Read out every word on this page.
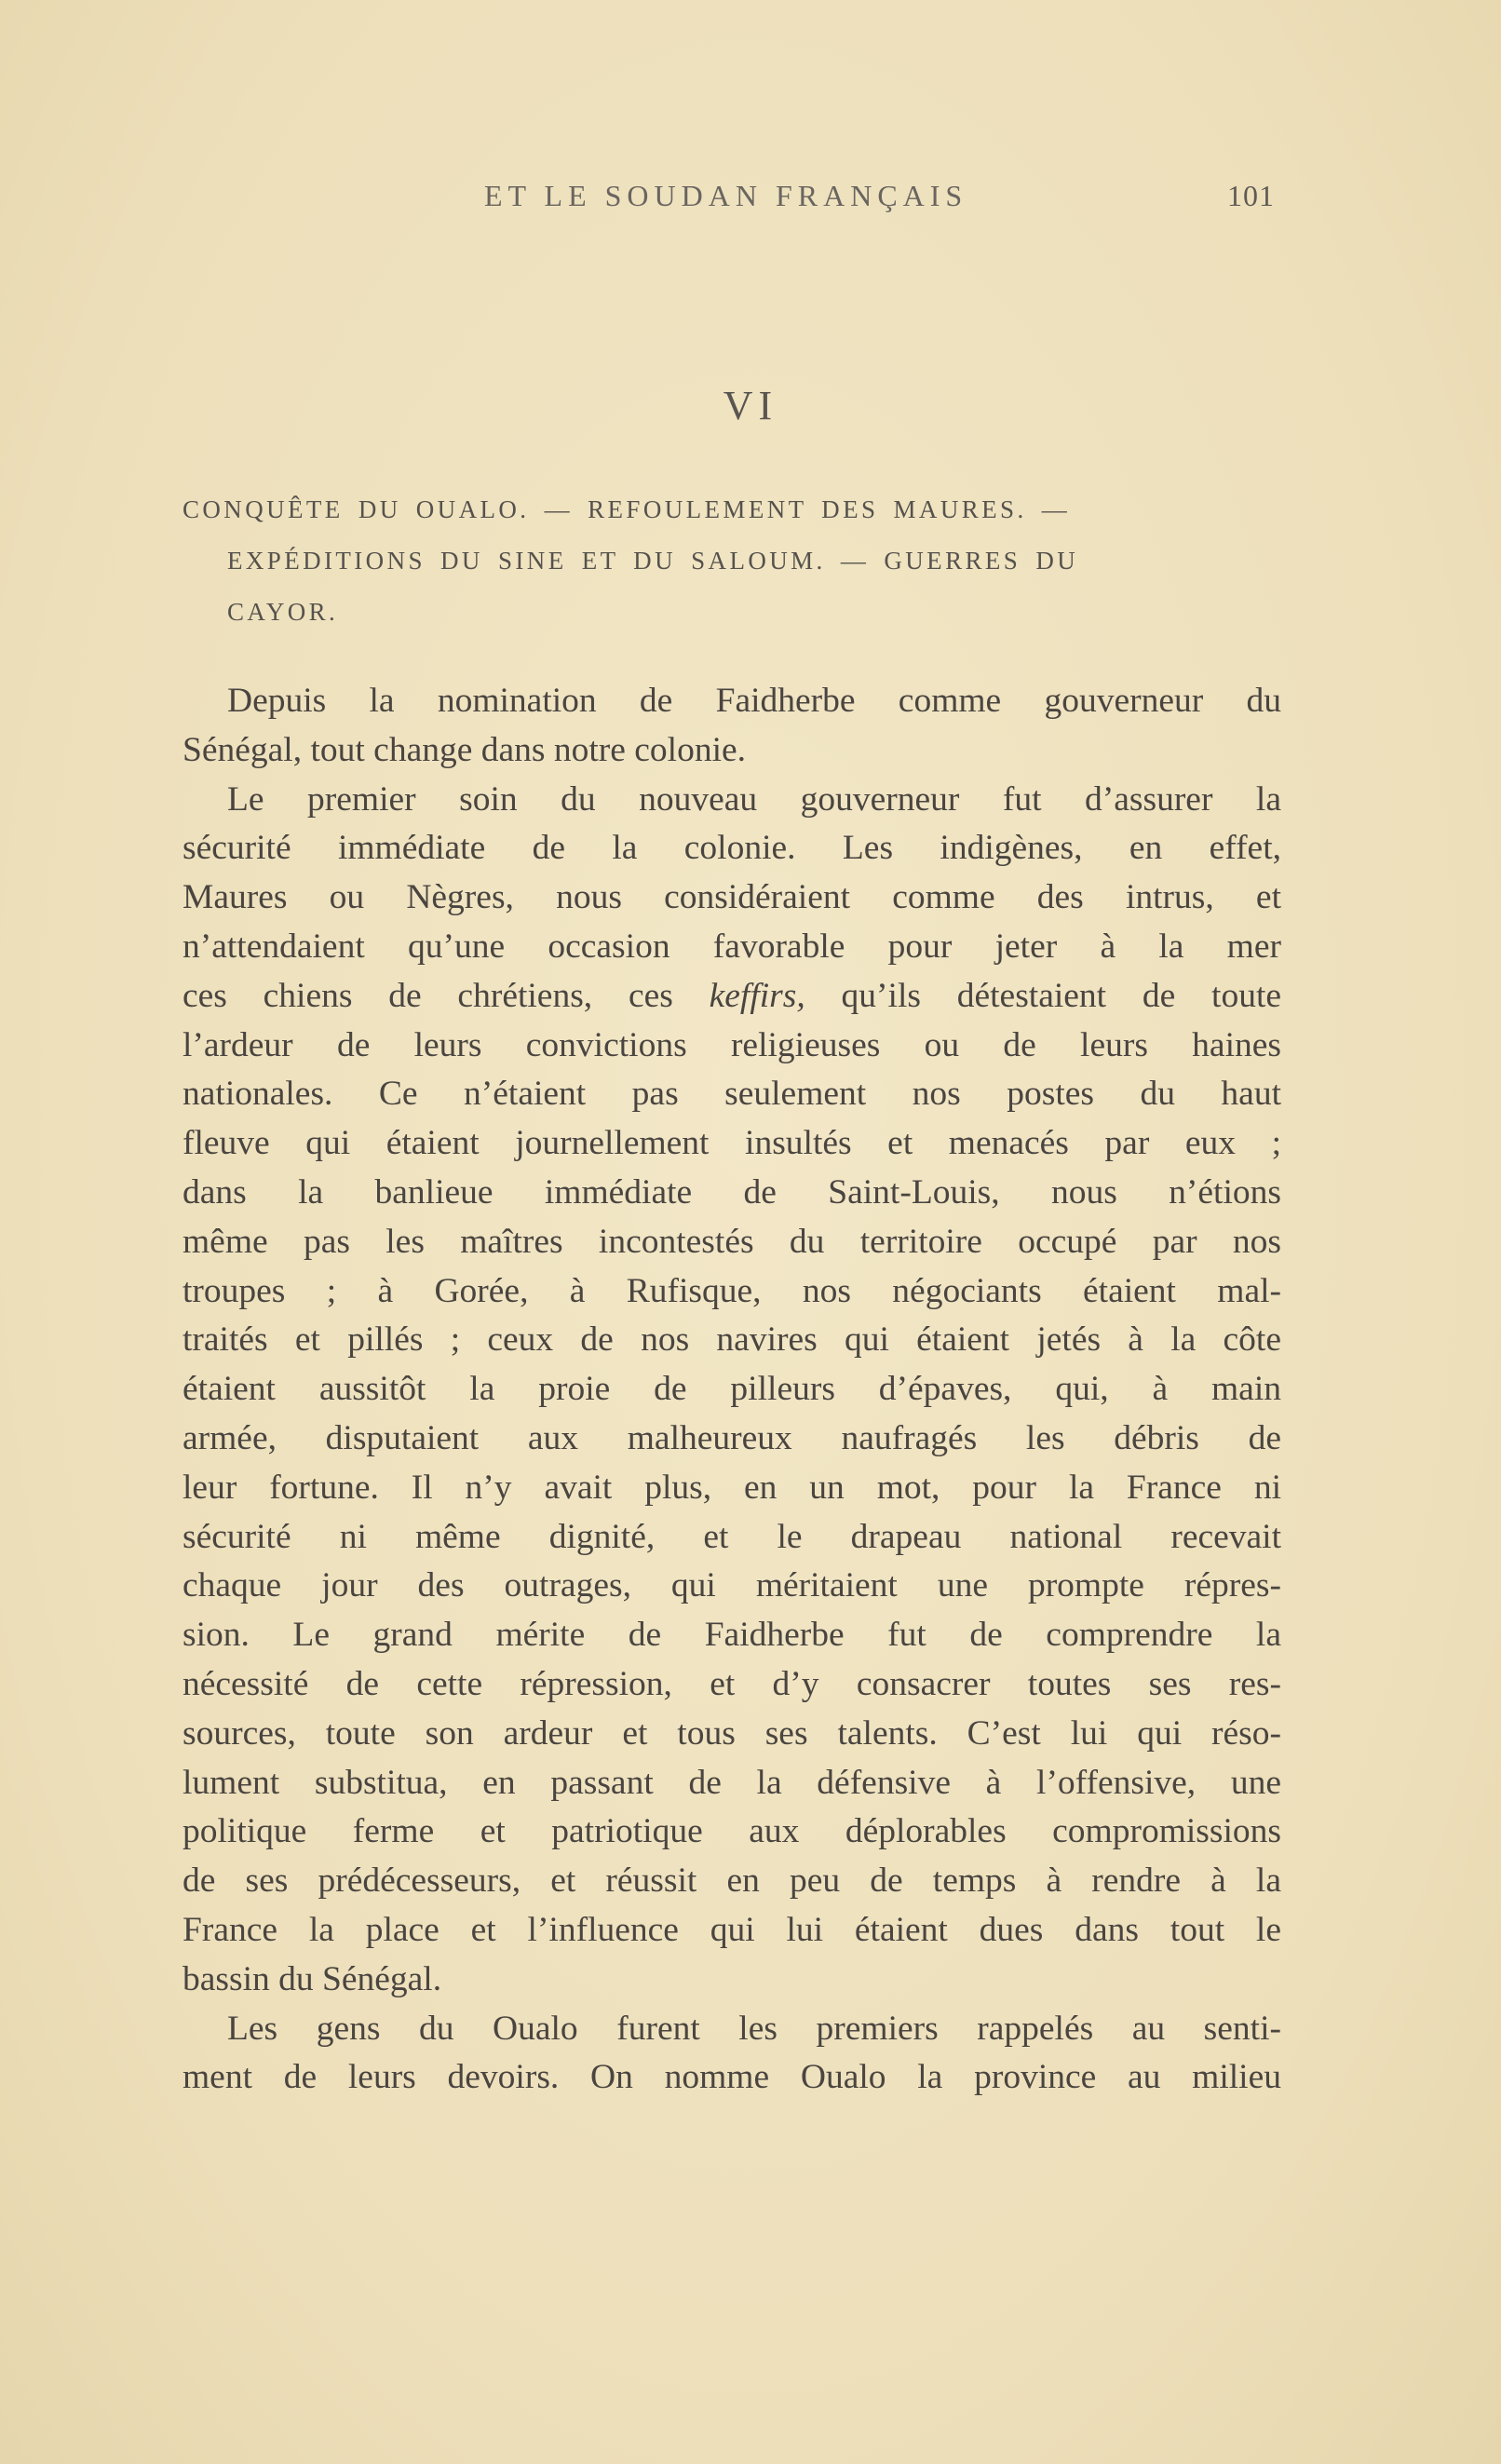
ET LE SOUDAN FRANÇAIS	101
VI
CONQUÊTE DU OUALO. — REFOULEMENT DES MAURES. —
EXPÉDITIONS DU SINE ET DU SALOUM. — GUERRES DU
CAYOR.
Depuis la nomination de Faidherbe comme gouverneur du
Sénégal, tout change dans notre colonie.
Le premier soin du nouveau gouverneur fut d’assurer la
sécurité immédiate de la colonie. Les indigènes, en effet,
Maures ou Nègres, nous considéraient comme des intrus, et
n’attendaient qu’une occasion favorable pour jeter à la mer
ces chiens de chrétiens, ces keffirs, qu’ils détestaient de toute
l’ardeur de leurs convictions religieuses ou de leurs haines
nationales. Ce n’étaient pas seulement nos postes du haut
fleuve qui étaient journellement insultés et menacés par eux ;
dans la banlieue immédiate de Saint-Louis, nous n’étions
même pas les maîtres incontestés du territoire occupé par nos
troupes ; à Gorée, à Rufisque, nos négociants étaient mal-
traités et pillés ; ceux de nos navires qui étaient jetés à la côte
étaient aussitôt la proie de pilleurs d’épaves, qui, à main
armée, disputaient aux malheureux naufragés les débris de
leur fortune. Il n’y avait plus, en un mot, pour la France ni
sécurité ni même dignité, et le drapeau national recevait
chaque jour des outrages, qui méritaient une prompte répres-
sion. Le grand mérite de Faidherbe fut de comprendre la
nécessité de cette répression, et d’y consacrer toutes ses res-
sources, toute son ardeur et tous ses talents. C’est lui qui réso-
lument substitua, en passant de la défensive à l’offensive, une
politique ferme et patriotique aux déplorables compromissions
de ses prédécesseurs, et réussit en peu de temps à rendre à la
France la place et l’influence qui lui étaient dues dans tout le
bassin du Sénégal.
Les gens du Oualo furent les premiers rappelés au senti-
ment de leurs devoirs. On nomme Oualo la province au milieu
